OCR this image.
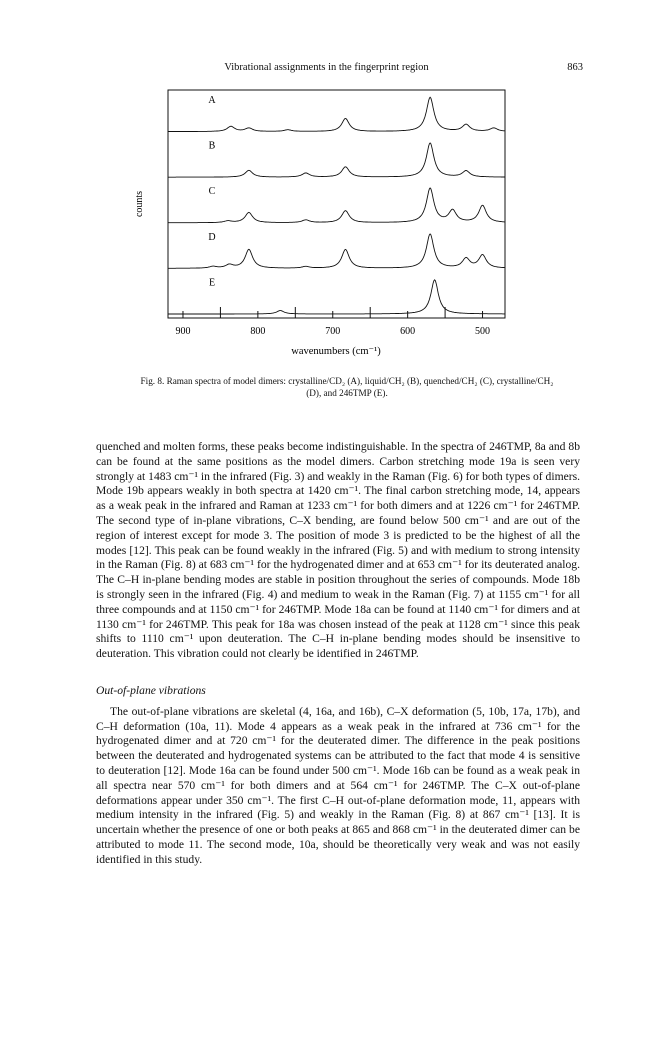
Vibrational assignments in the fingerprint region	863
A
B
C
D
E
900	800	700	600	500
wavenumbers (cm⁻¹)
counts
Fig. 8. Raman spectra of model dimers: crystalline/CD₂ (A), liquid/CH₂ (B), quenched/CH₂ (C), crystalline/CH₂ (D), and 246TMP (E).

quenched and molten forms, these peaks become indistinguishable. In the spectra of 246TMP, 8a and 8b can be found at the same positions as the model dimers. Carbon stretching mode 19a is seen very strongly at 1483 cm⁻¹ in the infrared (Fig. 3) and weakly in the Raman (Fig. 6) for both types of dimers. Mode 19b appears weakly in both spectra at 1420 cm⁻¹. The final carbon stretching mode, 14, appears as a weak peak in the infrared and Raman at 1233 cm⁻¹ for both dimers and at 1226 cm⁻¹ for 246TMP. The second type of in-plane vibrations, C–X bending, are found below 500 cm⁻¹ and are out of the region of interest except for mode 3. The position of mode 3 is predicted to be the highest of all the modes [12]. This peak can be found weakly in the infrared (Fig. 5) and with medium to strong intensity in the Raman (Fig. 8) at 683 cm⁻¹ for the hydrogenated dimer and at 653 cm⁻¹ for its deuterated analog. The C–H in-plane bending modes are stable in position throughout the series of compounds. Mode 18b is strongly seen in the infrared (Fig. 4) and medium to weak in the Raman (Fig. 7) at 1155 cm⁻¹ for all three compounds and at 1150 cm⁻¹ for 246TMP. Mode 18a can be found at 1140 cm⁻¹ for dimers and at 1130 cm⁻¹ for 246TMP. This peak for 18a was chosen instead of the peak at 1128 cm⁻¹ since this peak shifts to 1110 cm⁻¹ upon deuteration. The C–H in-plane bending modes should be insensitive to deuteration. This vibration could not clearly be identified in 246TMP.

Out-of-plane vibrations

The out-of-plane vibrations are skeletal (4, 16a, and 16b), C–X deformation (5, 10b, 17a, 17b), and C–H deformation (10a, 11). Mode 4 appears as a weak peak in the infrared at 736 cm⁻¹ for the hydrogenated dimer and at 720 cm⁻¹ for the deuterated dimer. The difference in the peak positions between the deuterated and hydrogenated systems can be attributed to the fact that mode 4 is sensitive to deuteration [12]. Mode 16a can be found under 500 cm⁻¹. Mode 16b can be found as a weak peak in all spectra near 570 cm⁻¹ for both dimers and at 564 cm⁻¹ for 246TMP. The C–X out-of-plane deformations appear under 350 cm⁻¹. The first C–H out-of-plane deformation mode, 11, appears with medium intensity in the infrared (Fig. 5) and weakly in the Raman (Fig. 8) at 867 cm⁻¹ [13]. It is uncertain whether the presence of one or both peaks at 865 and 868 cm⁻¹ in the deuterated dimer can be attributed to mode 11. The second mode, 10a, should be theoretically very weak and was not easily identified in this study.
